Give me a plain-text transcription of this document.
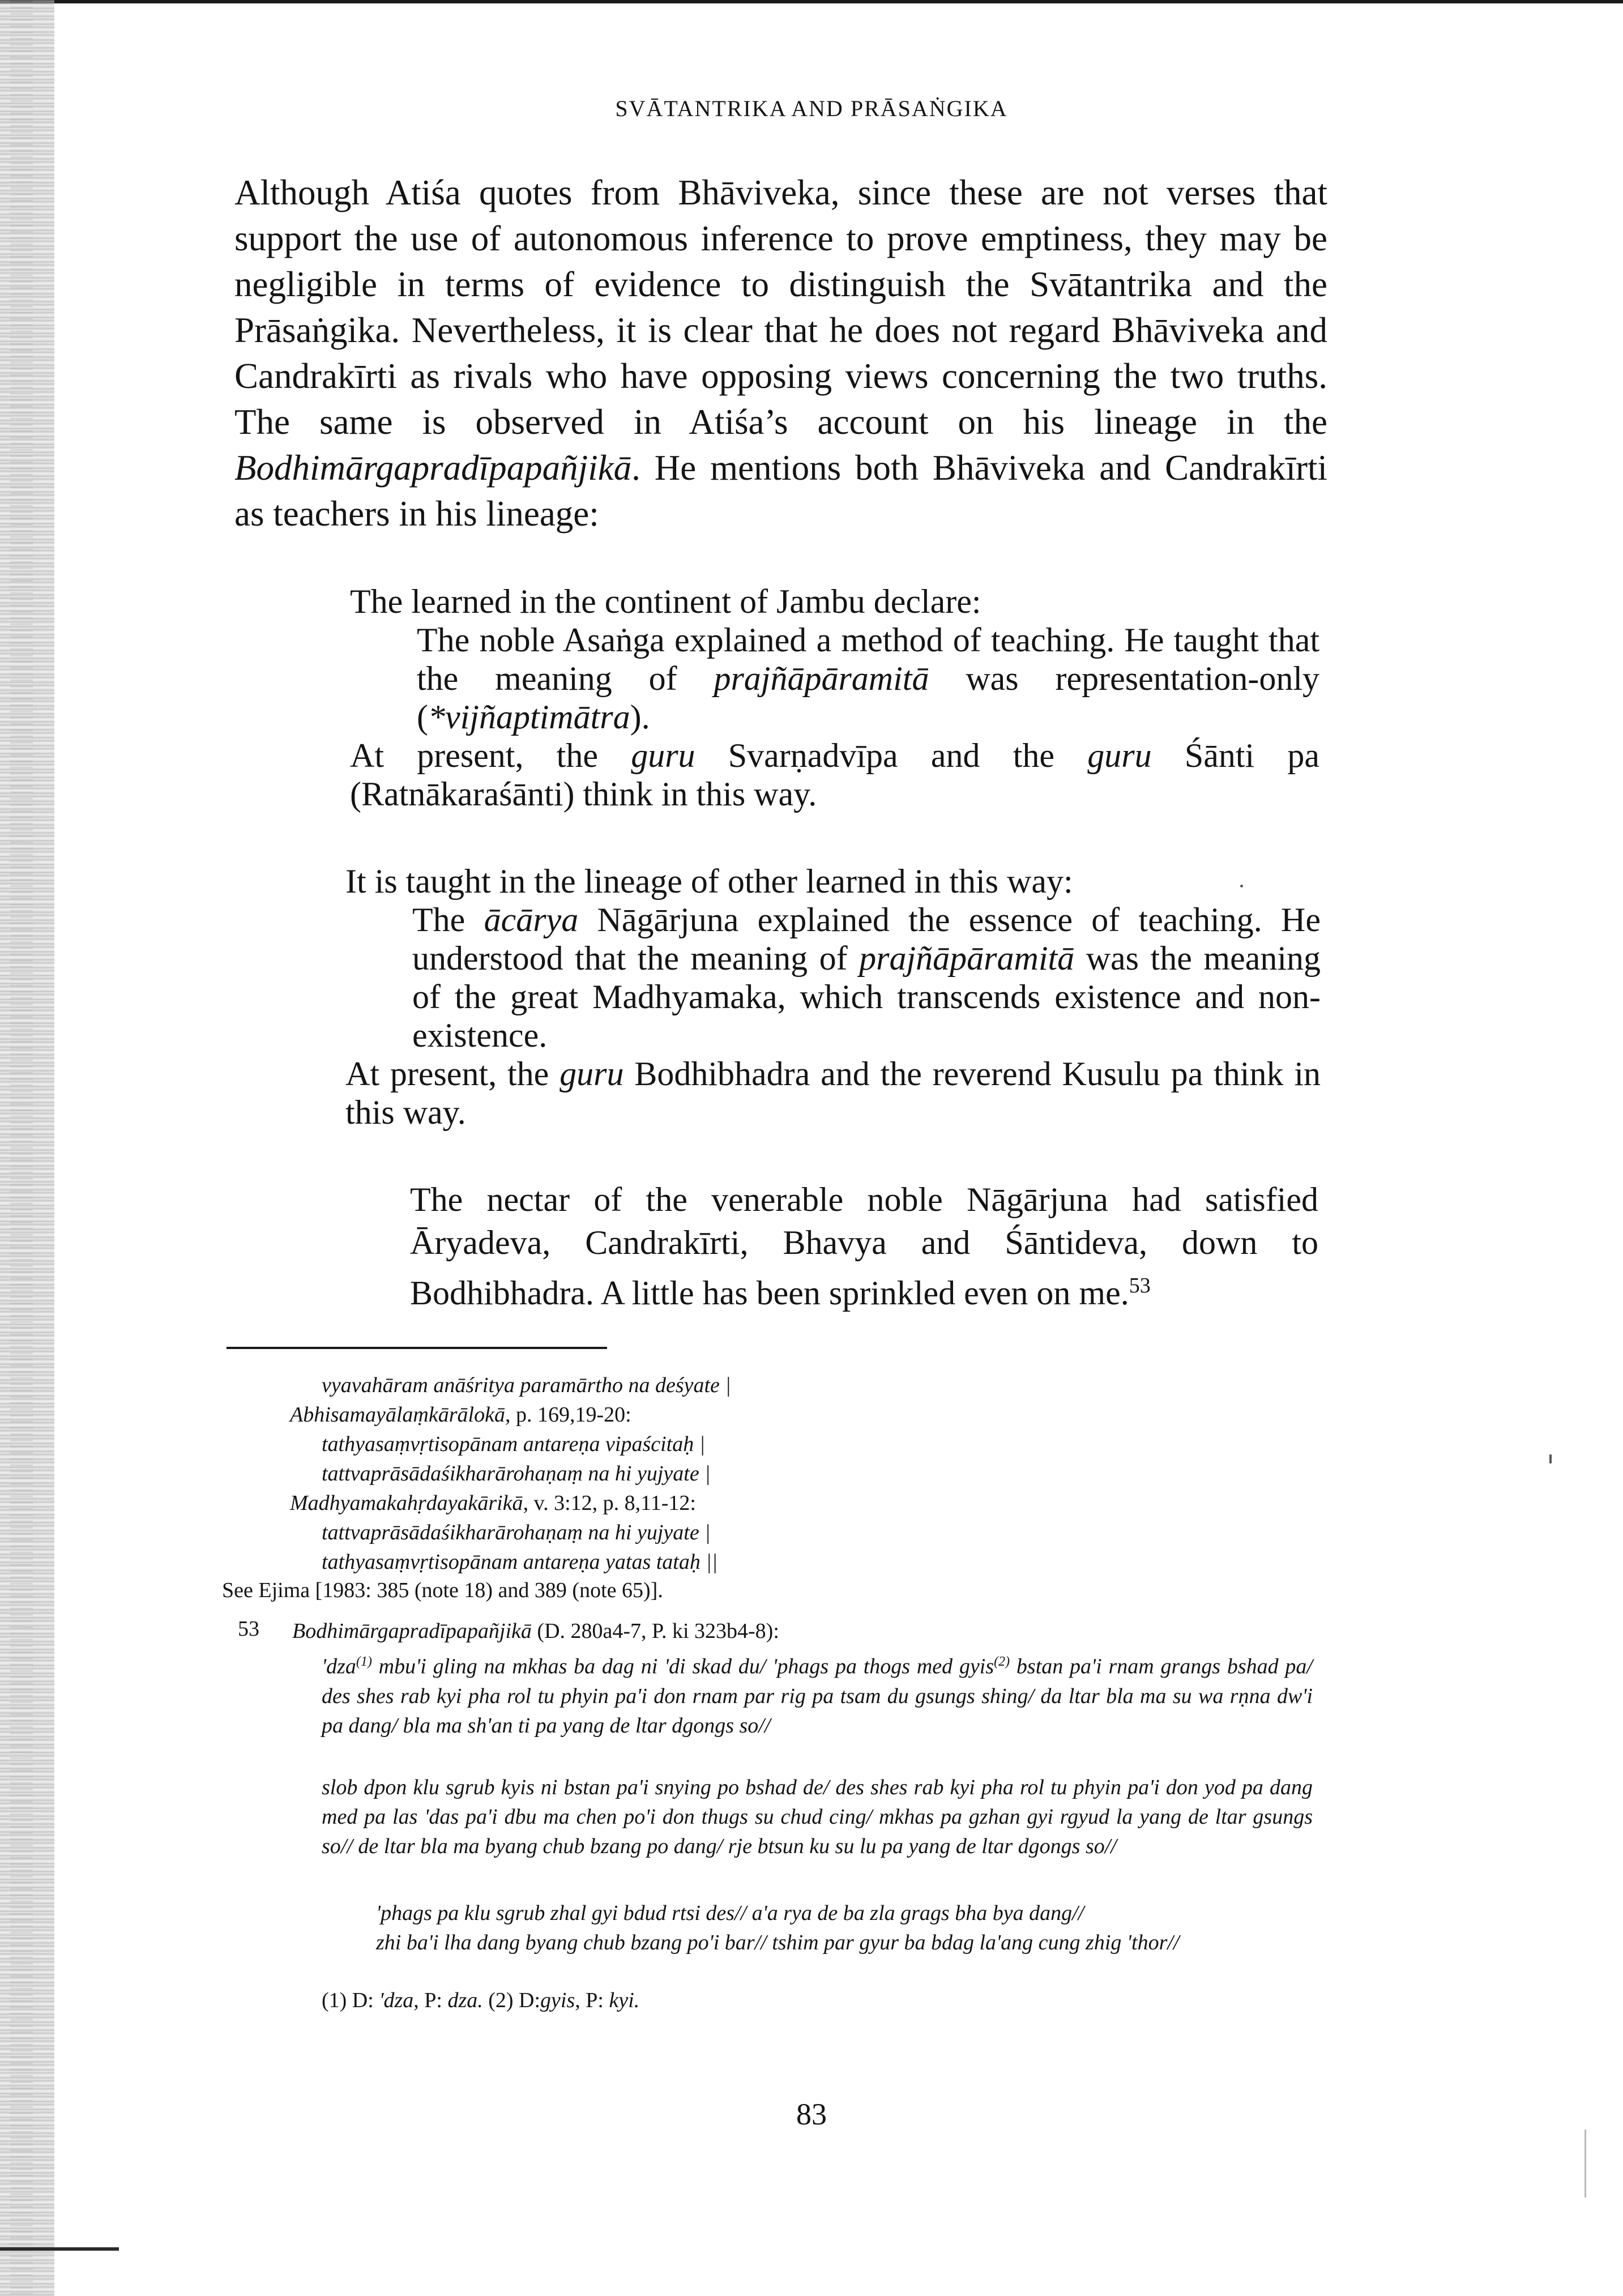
SVĀTANTRIKA AND PRĀSAṄGIKA

Although Atiśa quotes from Bhāviveka, since these are not verses that support the use of autonomous inference to prove emptiness, they may be negligible in terms of evidence to distinguish the Svātantrika and the Prāsaṅgika. Nevertheless, it is clear that he does not regard Bhāviveka and Candrakīrti as rivals who have opposing views concerning the two truths. The same is observed in Atiśa’s account on his lineage in the Bodhimārgapradīpapañjikā. He mentions both Bhāviveka and Candrakīrti as teachers in his lineage:

The learned in the continent of Jambu declare:

The noble Asaṅga explained a method of teaching. He taught that the meaning of prajñāpāramitā was representation-only (*vijñaptimātra).

At present, the guru Svarṇadvīpa and the guru Śānti pa (Ratnākaraśānti) think in this way.

It is taught in the lineage of other learned in this way:

The ācārya Nāgārjuna explained the essence of teaching. He understood that the meaning of prajñāpāramitā was the meaning of the great Madhyamaka, which transcends existence and non-existence.

At present, the guru Bodhibhadra and the reverend Kusulu pa think in this way.

The nectar of the venerable noble Nāgārjuna had satisfied Āryadeva, Candrakīrti, Bhavya and Śāntideva, down to Bodhibhadra. A little has been sprinkled even on me.$^{53}$

vyavahāram anāśritya paramārtho na deśyate |

Abhisamayālaṃkārālokā, p. 169,19-20:

tathyasaṃvṛtisopānam antareṇa vipaścitaḥ |

tattvaprāsādaśikharārohaṇaṃ na hi yujyate |

Madhyamakahṛdayakārikā, v. 3:12, p. 8,11-12:

tattvaprāsādaśikharārohaṇaṃ na hi yujyate |

tathyasaṃvṛtisopānam antareṇa yatas tataḥ ||

See Ejima [1983: 385 (note 18) and 389 (note 65)].

53 Bodhimārgapradīpapañjikā (D. 280a4-7, P. ki 323b4-8):

'dza$^{(1)}$ mbu'i gling na mkhas ba dag ni 'di skad du/ 'phags pa thogs med gyis$^{(2)}$ bstan pa'i rnam grangs bshad pa/ des shes rab kyi pha rol tu phyin pa'i don rnam par rig pa tsam du gsungs shing/ da ltar bla ma su wa rṇna dw'i pa dang/ bla ma sh'an ti pa yang de ltar dgongs so//

slob dpon klu sgrub kyis ni bstan pa'i snying po bshad de/ des shes rab kyi pha rol tu phyin pa'i don yod pa dang med pa las 'das pa'i dbu ma chen po'i don thugs su chud cing/ mkhas pa gzhan gyi rgyud la yang de ltar gsungs so// de ltar bla ma byang chub bzang po dang/ rje btsun ku su lu pa yang de ltar dgongs so//

'phags pa klu sgrub zhal gyi bdud rtsi des// a'a rya de ba zla grags bha bya dang//
zhi ba'i lha dang byang chub bzang po'i bar// tshim par gyur ba bdag la'ang cung zhig 'thor//

(1) D: 'dza, P: dza. (2) D:gyis, P: kyi.

83
